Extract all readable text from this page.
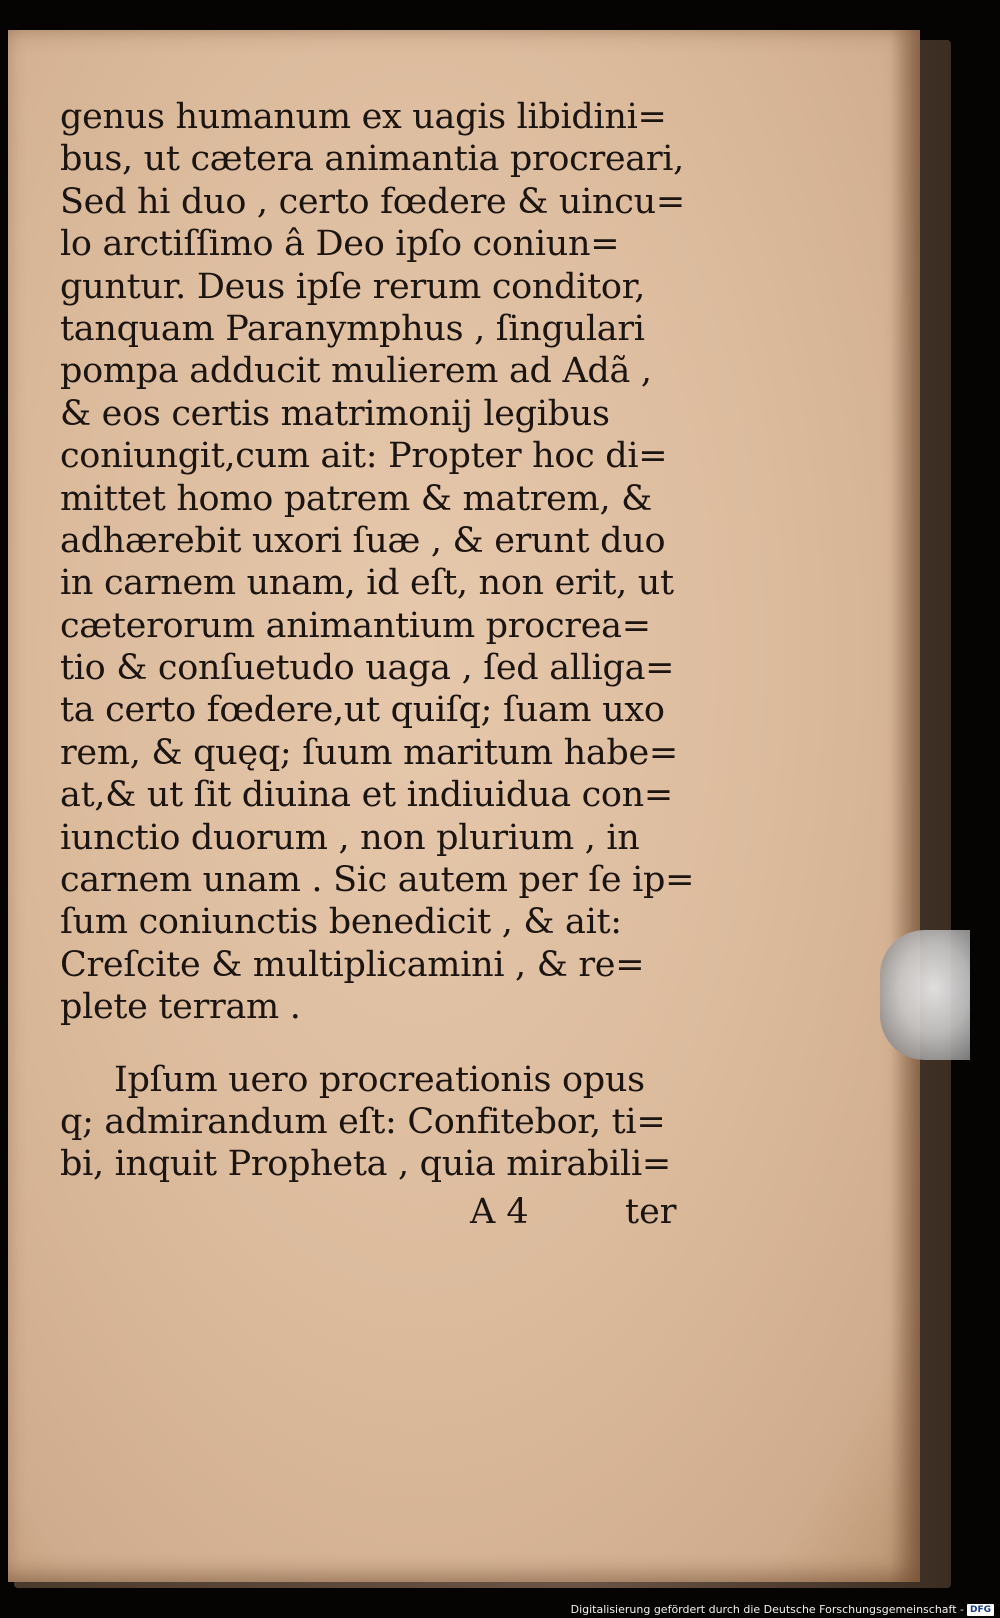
genus humanum ex uagis libidini=
bus, ut cætera animantia procreari,
Sed hi duo , certo fœdere & uincu=
lo arctiſſimo â Deo ipſo coniun=
guntur. Deus ipſe rerum conditor,
tanquam Paranymphus , ſingulari
pompa adducit mulierem ad Adã ,
& eos certis matrimonij legibus
coniungit,cum ait: Propter hoc di=
mittet homo patrem & matrem, &
adhærebit uxori ſuæ , & erunt duo
in carnem unam, id eſt, non erit, ut
cæterorum animantium procrea=
tio & conſuetudo uaga , ſed alliga=
ta certo fœdere,ut quiſq; ſuam uxo
rem, & quęq; ſuum maritum habe=
at,& ut ſit diuina et indiuidua con=
iunctio duorum , non plurium , in
carnem unam . Sic autem per ſe ip=
ſum coniunctis benedicit , & ait:
Creſcite & multiplicamini , & re=
plete terram .
Ipſum uero procreationis opus
q; admirandum eſt: Confitebor, ti=
bi, inquit Propheta , quia mirabili=
A 4	ter
Digitalisierung gefördert durch die Deutsche Forschungsgemeinschaft - DFG
